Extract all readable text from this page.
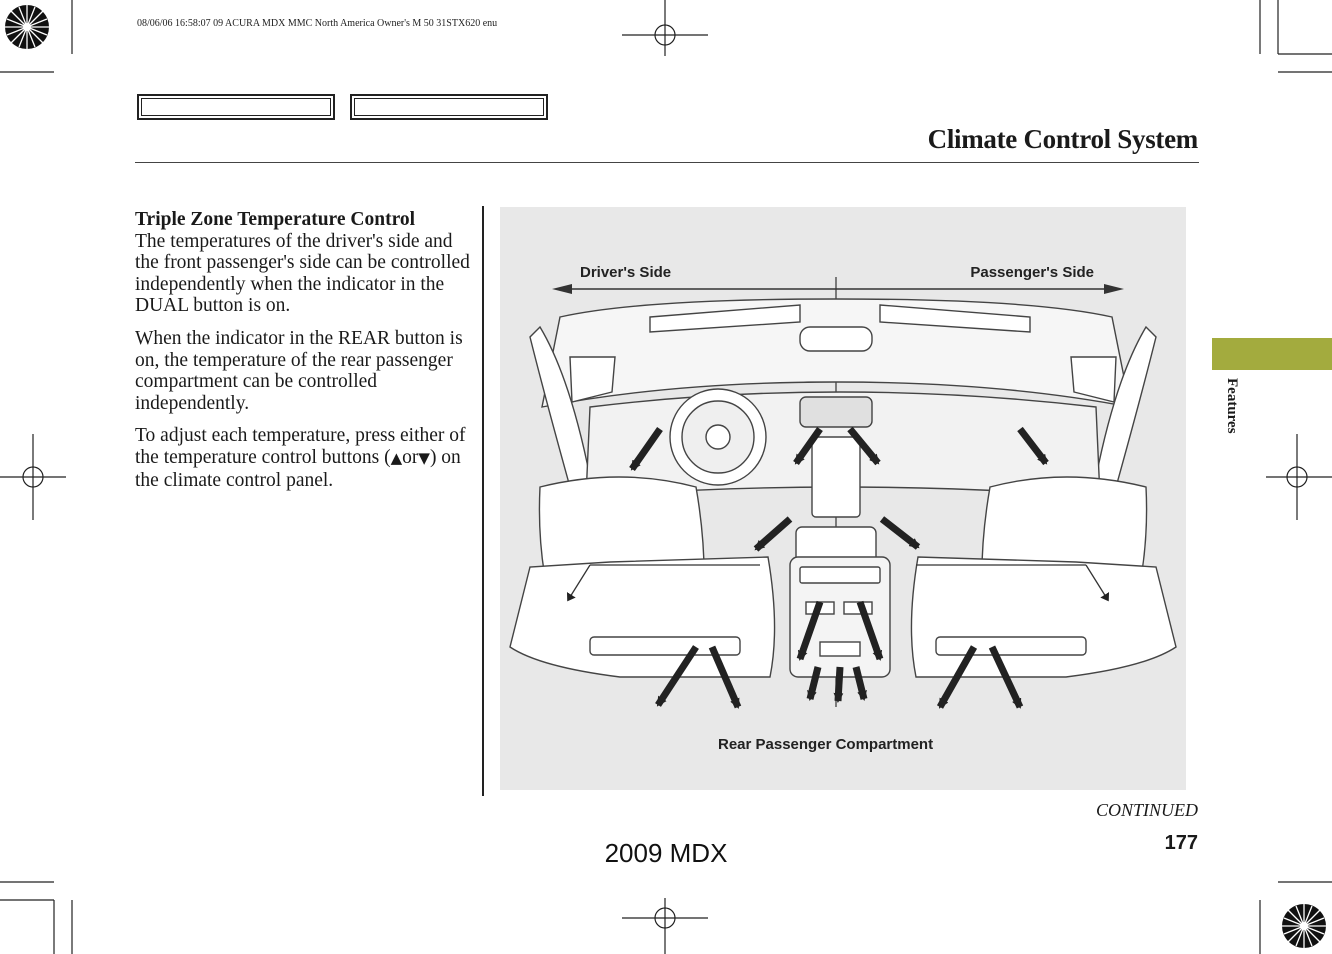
08/06/06 16:58:07 09 ACURA MDX MMC North America Owner's M 50 31STX620 enu
Climate Control System

Triple Zone Temperature Control
The temperatures of the driver's side and the front passenger's side can be controlled independently when the indicator in the DUAL button is on.

When the indicator in the REAR button is on, the temperature of the rear passenger compartment can be controlled independently.

To adjust each temperature, press either of the temperature control buttons (▲or▼) on the climate control panel.

Driver's Side	Passenger's Side
Rear Passenger Compartment
Features
CONTINUED
177
2009 MDX
